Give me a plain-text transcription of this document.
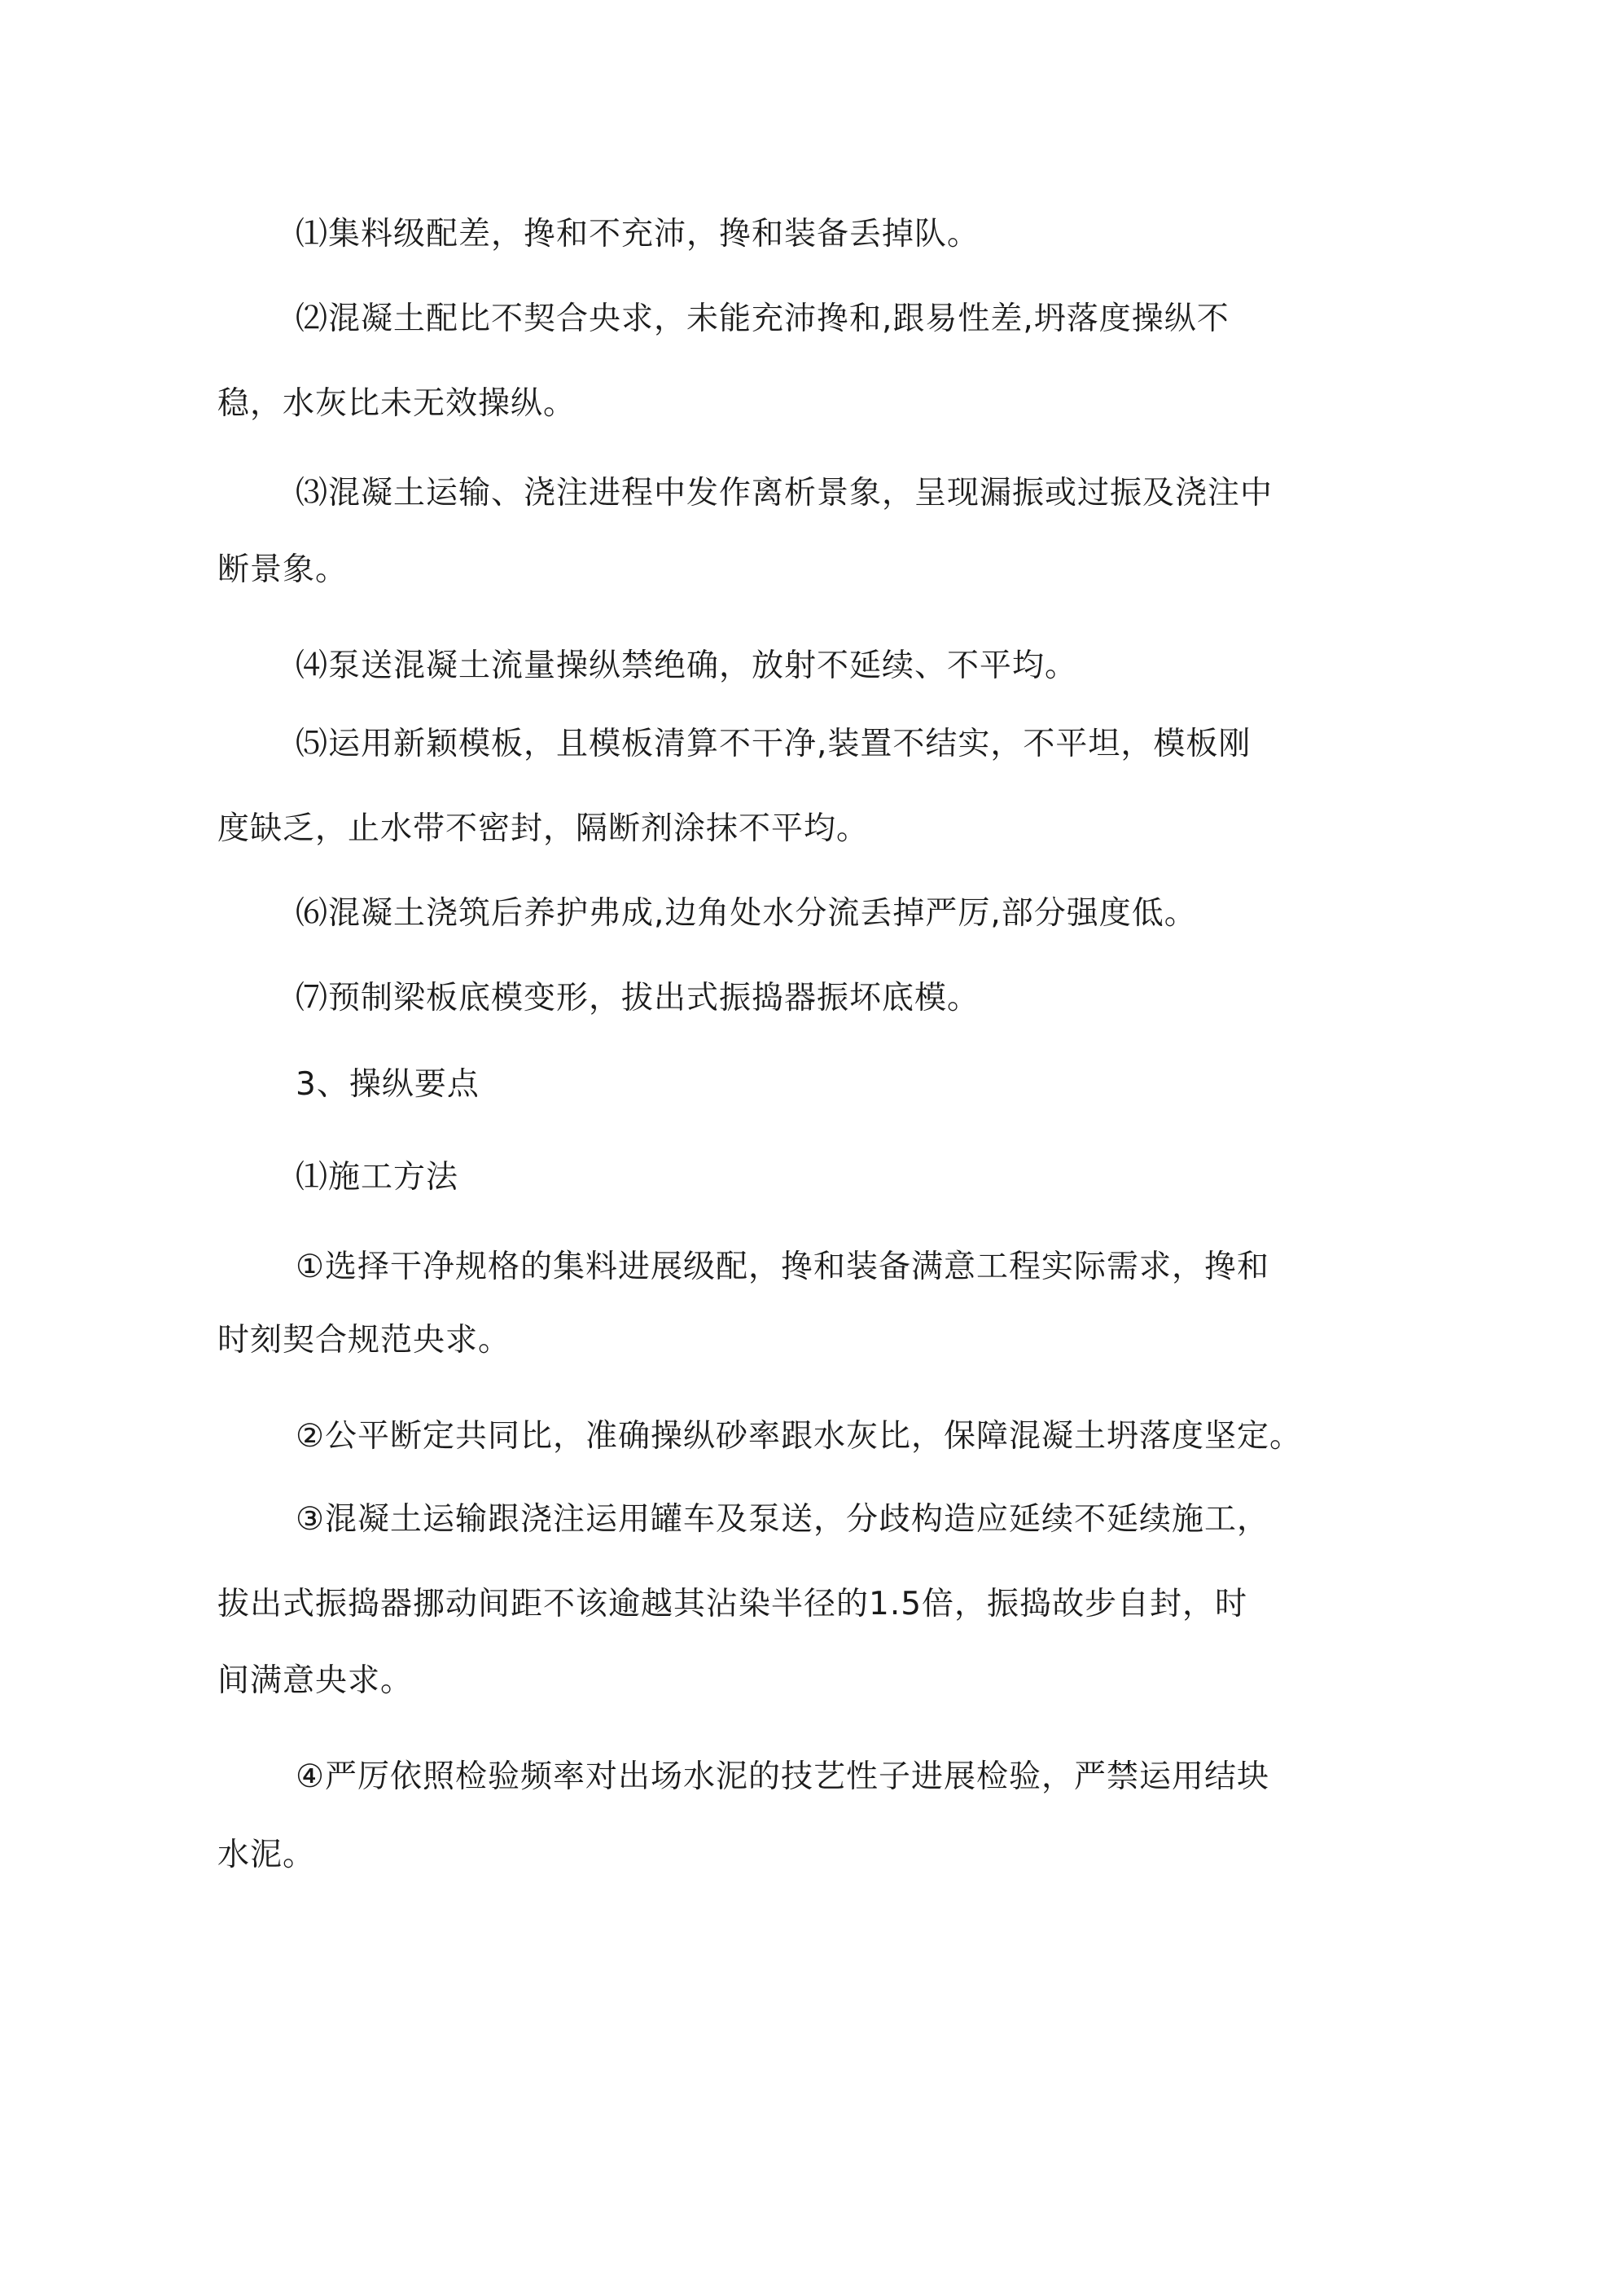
⑴集料级配差，搀和不充沛，搀和装备丢掉队。
⑵混凝土配比不契合央求，未能充沛搀和,跟易性差,坍落度操纵不
稳，水灰比未无效操纵。
⑶混凝土运输、浇注进程中发作离析景象，呈现漏振或过振及浇注中
断景象。
⑷泵送混凝土流量操纵禁绝确，放射不延续、不平均。
⑸运用新颖模板，且模板清算不干净,装置不结实，不平坦，模板刚
度缺乏，止水带不密封，隔断剂涂抹不平均。
⑹混凝土浇筑后养护弗成,边角处水分流丢掉严厉,部分强度低。
⑺预制梁板底模变形，拔出式振捣器振坏底模。
3、操纵要点
⑴施工方法
①选择干净规格的集料进展级配，搀和装备满意工程实际需求，搀和
时刻契合规范央求。
②公平断定共同比，准确操纵砂率跟水灰比，保障混凝土坍落度坚定。
③混凝土运输跟浇注运用罐车及泵送，分歧构造应延续不延续施工，
拔出式振捣器挪动间距不该逾越其沾染半径的1.5倍，振捣故步自封，时
间满意央求。
④严厉依照检验频率对出场水泥的技艺性子进展检验，严禁运用结块
水泥。
